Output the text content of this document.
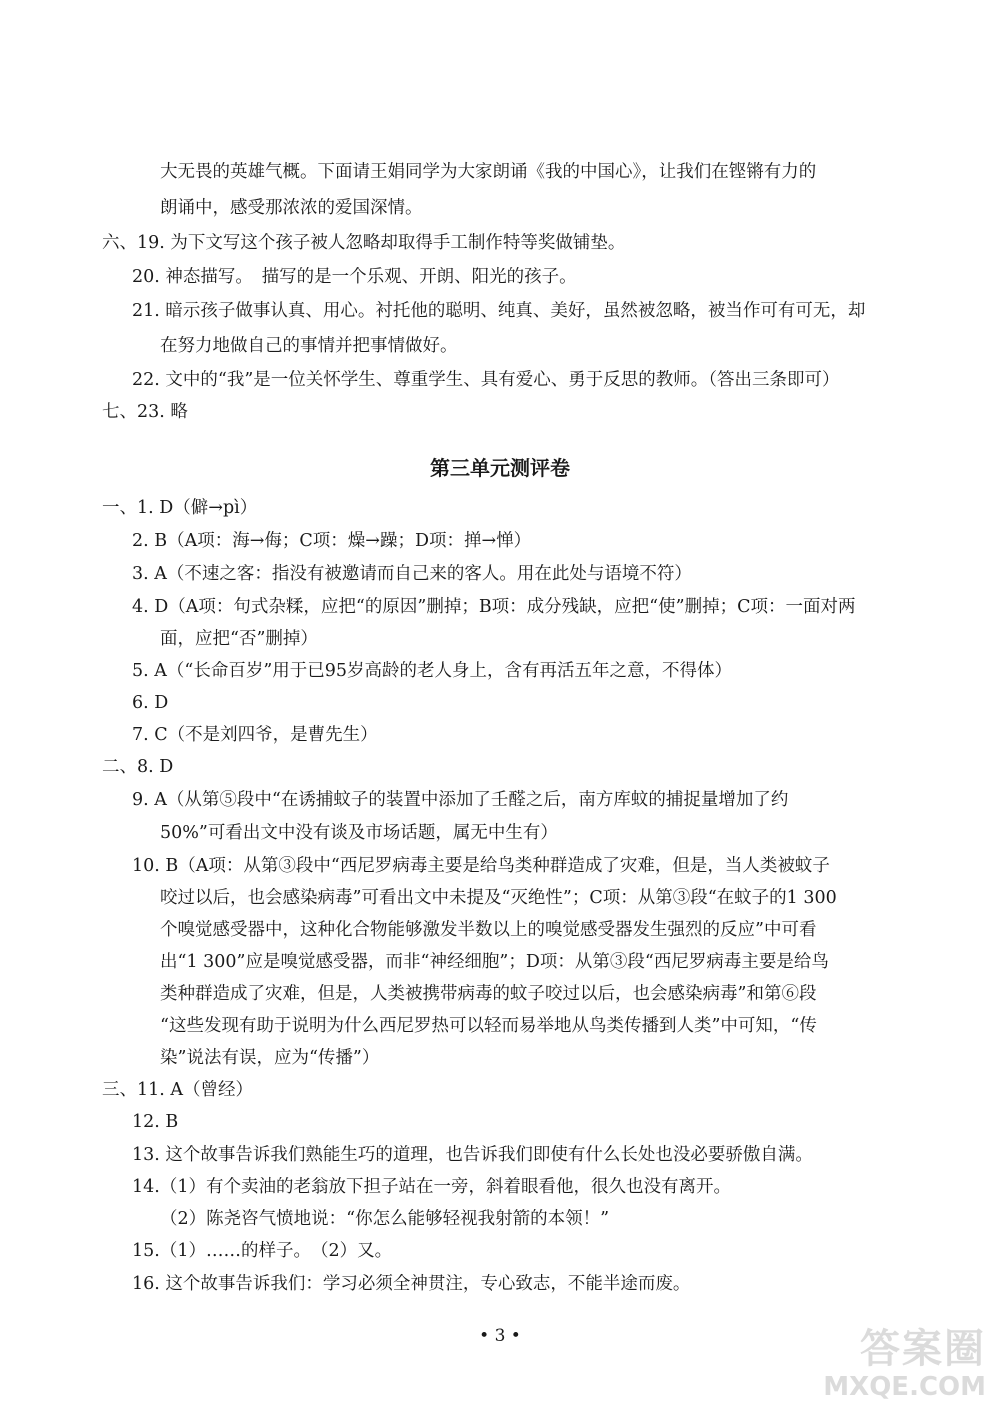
大无畏的英雄气概。下面请王娟同学为大家朗诵《我的中国心》，让我们在铿锵有力的
朗诵中，感受那浓浓的爱国深情。
六、19. 为下文写这个孩子被人忽略却取得手工制作特等奖做铺垫。
20. 神态描写。　描写的是一个乐观、开朗、阳光的孩子。
21. 暗示孩子做事认真、用心。衬托他的聪明、纯真、美好，虽然被忽略，被当作可有可无，却
在努力地做自己的事情并把事情做好。
22. 文中的“我”是一位关怀学生、尊重学生、具有爱心、勇于反思的教师。（答出三条即可）
七、23. 略
一、1. D（僻→pì）
2. B（A项：海→侮；C项：燥→躁；D项：掸→惮）
3. A（不速之客：指没有被邀请而自己来的客人。用在此处与语境不符）
4. D（A项：句式杂糅，应把“的原因”删掉；B项：成分残缺，应把“使”删掉；C项：一面对两
面，应把“否”删掉）
5. A（“长命百岁”用于已95岁高龄的老人身上，含有再活五年之意，不得体）
6. D
7. C（不是刘四爷，是曹先生）
二、8. D
9. A（从第⑤段中“在诱捕蚊子的装置中添加了壬醛之后，南方库蚊的捕捉量增加了约
50%”可看出文中没有谈及市场话题，属无中生有）
10. B（A项：从第③段中“西尼罗病毒主要是给鸟类种群造成了灾难，但是，当人类被蚊子
咬过以后，也会感染病毒”可看出文中未提及“灭绝性”；C项：从第③段“在蚊子的1 300
个嗅觉感受器中，这种化合物能够激发半数以上的嗅觉感受器发生强烈的反应”中可看
出“1 300”应是嗅觉感受器，而非“神经细胞”；D项：从第③段“西尼罗病毒主要是给鸟
类种群造成了灾难，但是，人类被携带病毒的蚊子咬过以后，也会感染病毒”和第⑥段
“这些发现有助于说明为什么西尼罗热可以轻而易举地从鸟类传播到人类”中可知，“传
染”说法有误，应为“传播”）
三、11. A（曾经）
12. B
13. 这个故事告诉我们熟能生巧的道理，也告诉我们即使有什么长处也没必要骄傲自满。
14.（1）有个卖油的老翁放下担子站在一旁，斜着眼看他，很久也没有离开。
（2）陈尧咨气愤地说：“你怎么能够轻视我射箭的本领！”
15.（1）……的样子。　（2）又。
16. 这个故事告诉我们：学习必须全神贯注，专心致志，不能半途而废。
第三单元测评卷
• 3 •	答案圈
MXQE.COM
